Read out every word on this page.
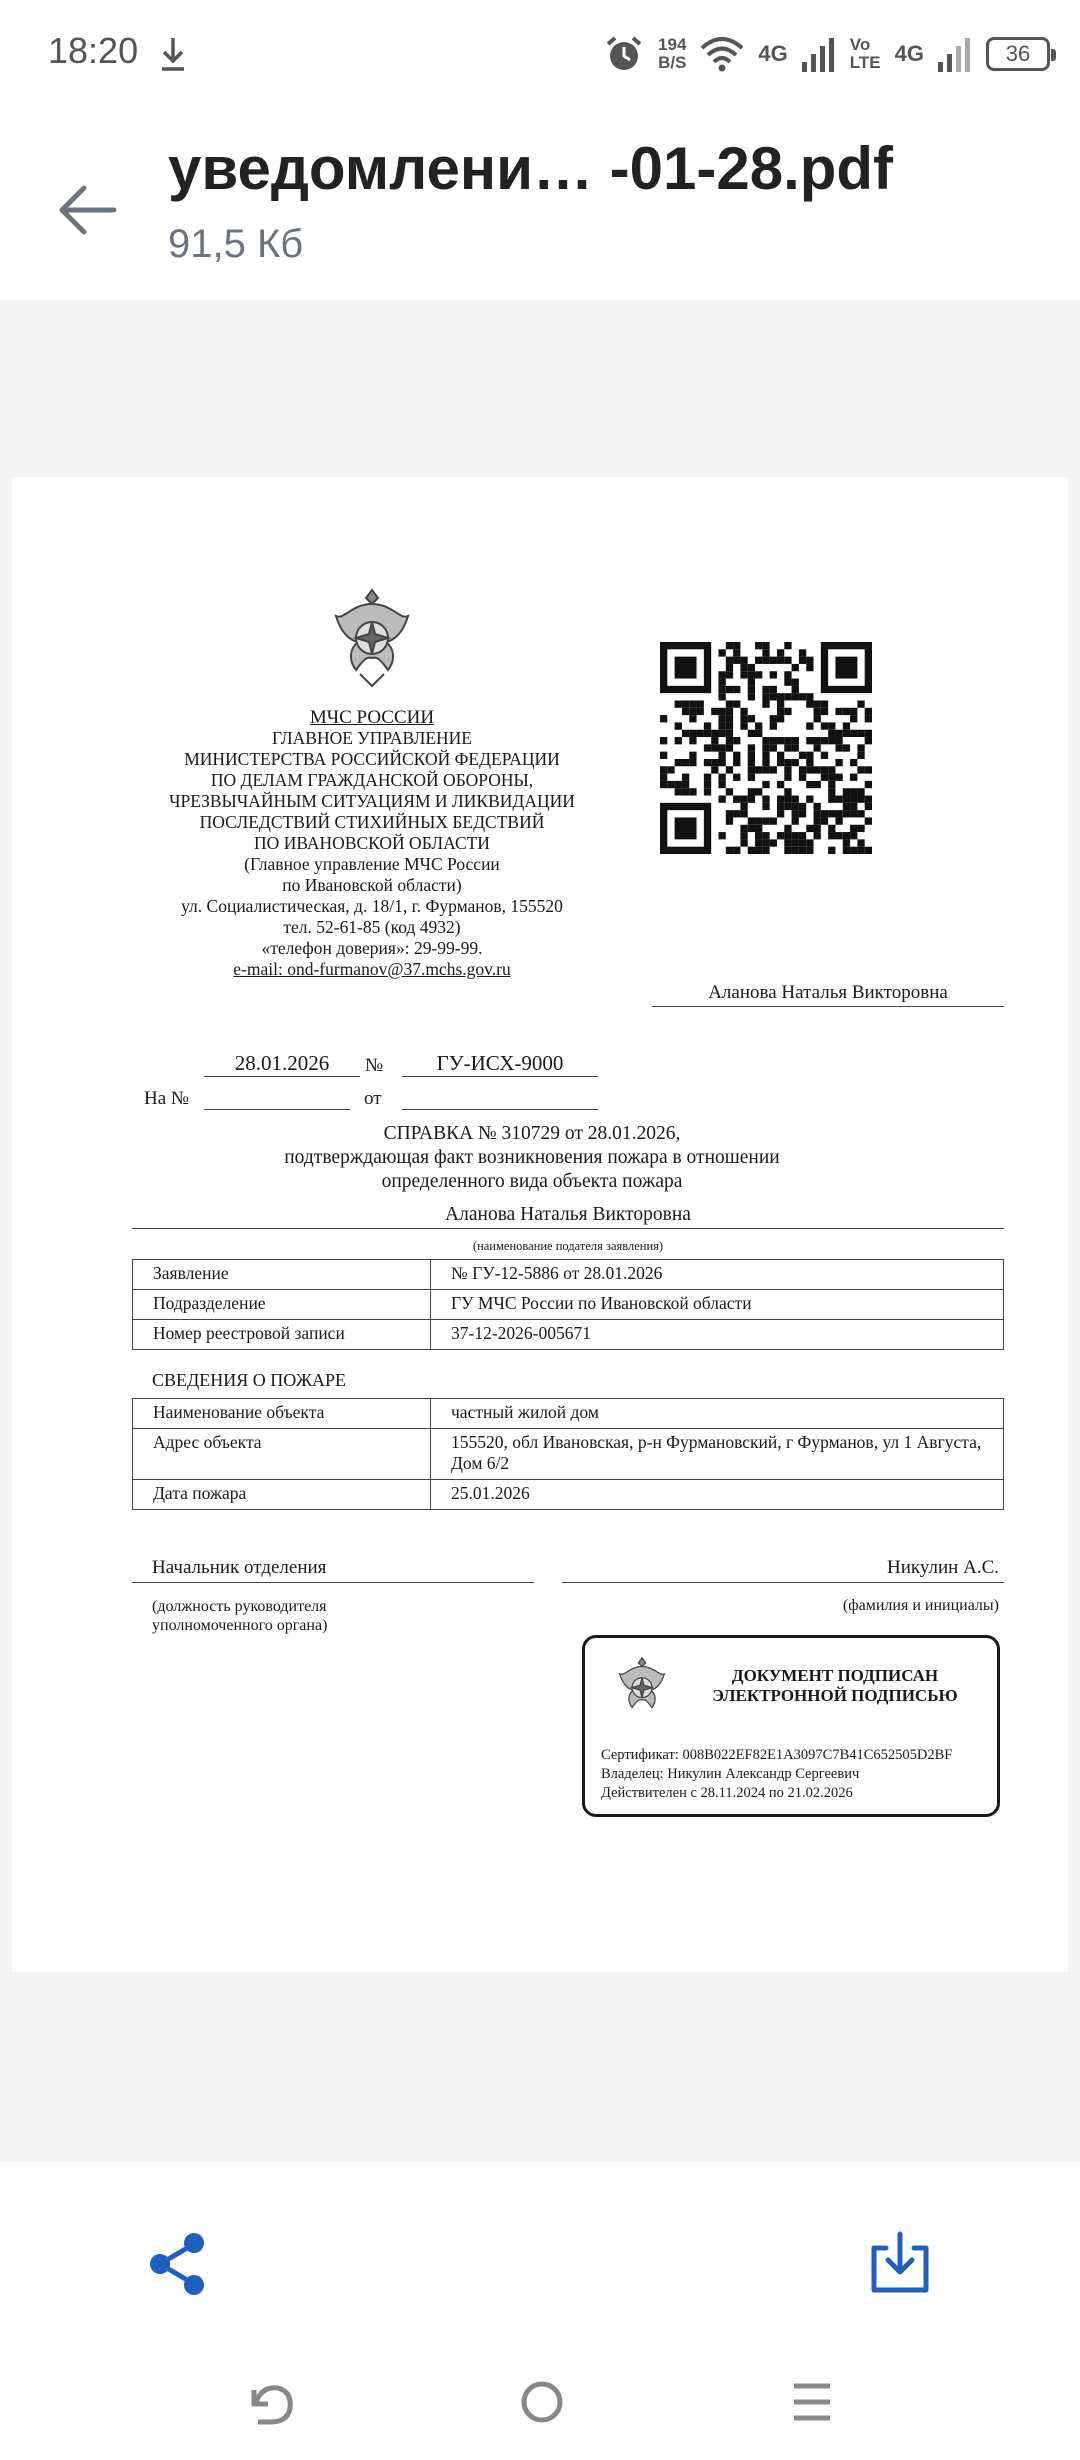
18:20	194
B/S	4G	Vo
LTE 4G	36
уведомлени… -01-28.pdf
91,5 Кб
МЧС РОССИИ
ГЛАВНОЕ УПРАВЛЕНИЕ
МИНИСТЕРСТВА РОССИЙСКОЙ ФЕДЕРАЦИИ
ПО ДЕЛАМ ГРАЖДАНСКОЙ ОБОРОНЫ,
ЧРЕЗВЫЧАЙНЫМ СИТУАЦИЯМ И ЛИКВИДАЦИИ
ПОСЛЕДСТВИЙ СТИХИЙНЫХ БЕДСТВИЙ
ПО ИВАНОВСКОЙ ОБЛАСТИ
(Главное управление МЧС России
по Ивановской области)
ул. Социалистическая, д. 18/1, г. Фурманов, 155520
тел. 52-61-85 (код 4932)
«телефон доверия»: 29-99-99.
e-mail: ond-furmanov@37.mchs.gov.ru
Аланова Наталья Викторовна
28.01.2026	№	ГУ-ИСХ-9000
На №	от
СПРАВКА № 310729 от 28.01.2026,
подтверждающая факт возникновения пожара в отношении
определенного вида объекта пожара
Аланова Наталья Викторовна
(наименование подателя заявления)
Заявление	№ ГУ-12-5886 от 28.01.2026
Подразделение	ГУ МЧС России по Ивановской области
Номер реестровой записи	37-12-2026-005671
СВЕДЕНИЯ О ПОЖАРЕ
Наименование объекта	частный жилой дом
Адрес объекта	155520, обл Ивановская, р-н Фурмановский, г Фурманов, ул 1 Августа, Дом 6/2
Дата пожара	25.01.2026
Начальник отделения	Никулин А.С.
(должность руководителя
уполномоченного органа)
(фамилия и инициалы)
ДОКУМЕНТ ПОДПИСАН
ЭЛЕКТРОННОЙ ПОДПИСЬЮ
Сертификат: 008B022EF82E1A3097C7B41C652505D2BF
Владелец: Никулин Александр Сергеевич
Действителен с 28.11.2024 по 21.02.2026
